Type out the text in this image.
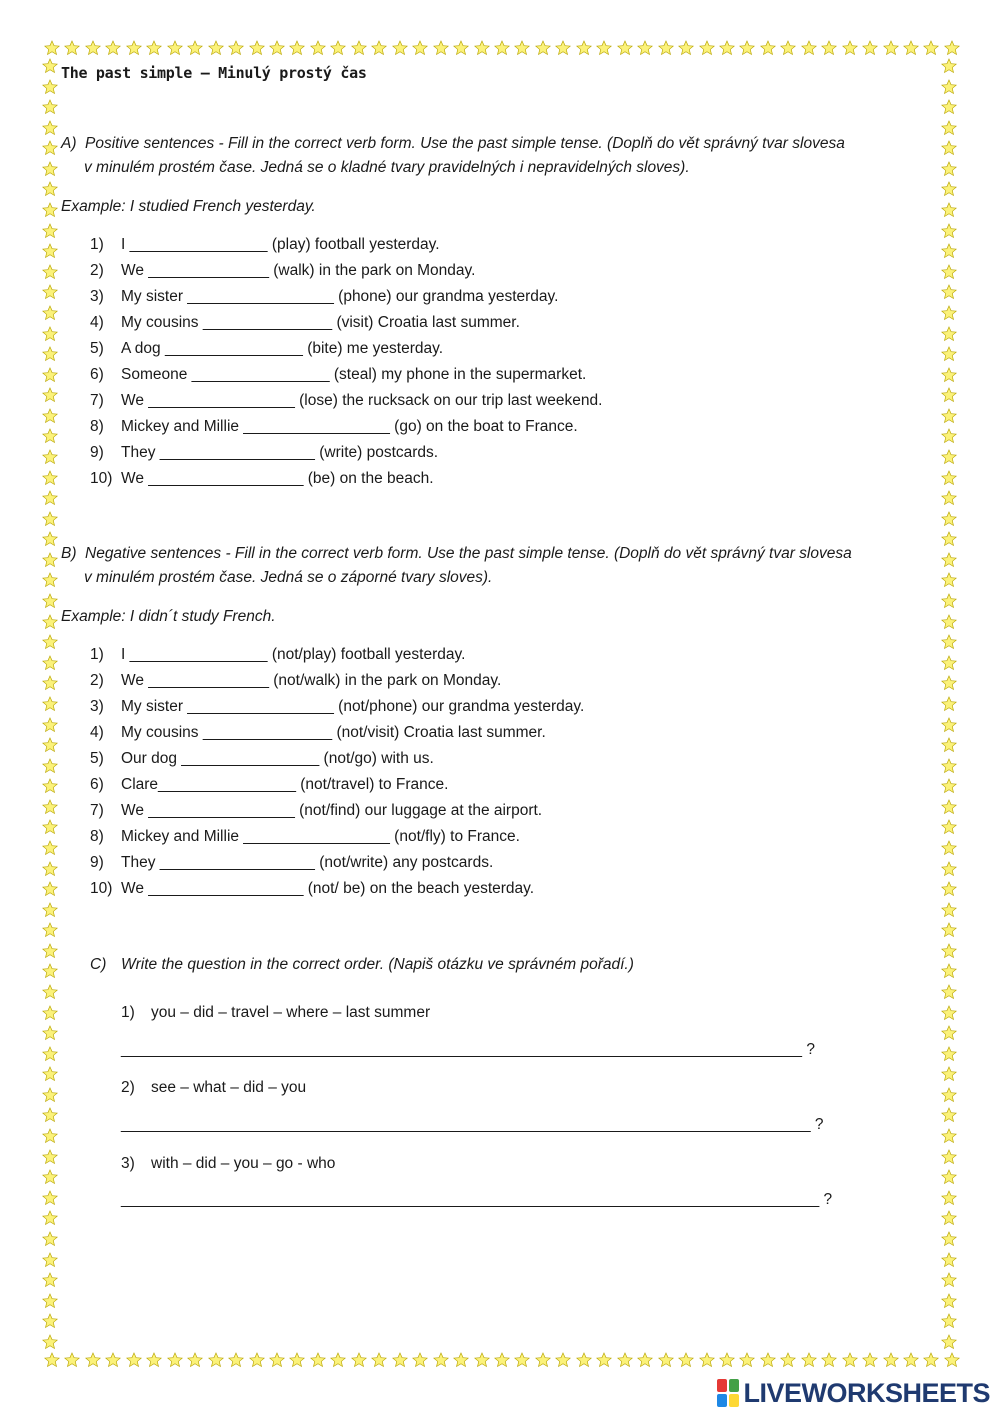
The past simple – Minulý prostý čas
A) Positive sentences - Fill in the correct verb form. Use the past simple tense. (Doplň do vět správný tvar slovesa
v minulém prostém čase. Jedná se o kladné tvary pravidelných i nepravidelných sloves).
Example: I studied French yesterday.
1)	I ________________ (play) football yesterday.
2)	We ______________ (walk) in the park on Monday.
3)	My sister _________________ (phone) our grandma yesterday.
4)	My cousins _______________ (visit) Croatia last summer.
5)	A dog ________________ (bite) me yesterday.
6)	Someone ________________ (steal) my phone in the supermarket.
7)	We _________________ (lose) the rucksack on our trip last weekend.
8)	Mickey and Millie _________________ (go) on the boat to France.
9)	They __________________ (write) postcards.
10) We __________________ (be) on the beach.
B) Negative sentences - Fill in the correct verb form. Use the past simple tense. (Doplň do vět správný tvar slovesa
v minulém prostém čase. Jedná se o záporné tvary sloves).
Example: I didn´t study French.
1)	I ________________ (not/play) football yesterday.
2)	We ______________ (not/walk) in the park on Monday.
3)	My sister _________________ (not/phone) our grandma yesterday.
4)	My cousins _______________ (not/visit) Croatia last summer.
5)	Our dog ________________ (not/go) with us.
6)	Clare________________ (not/travel) to France.
7)	We _________________ (not/find) our luggage at the airport.
8)	Mickey and Millie _________________ (not/fly) to France.
9)	They __________________ (not/write) any postcards.
10) We __________________ (not/ be) on the beach yesterday.
C) Write the question in the correct order. (Napiš otázku ve správném pořadí.)
1) you – did – travel – where – last summer
_______________________________________________________________________________ ?
2) see – what – did – you
________________________________________________________________________________ ?
3) with – did – you – go - who
_________________________________________________________________________________ ?
LIVEWORKSHEETS
